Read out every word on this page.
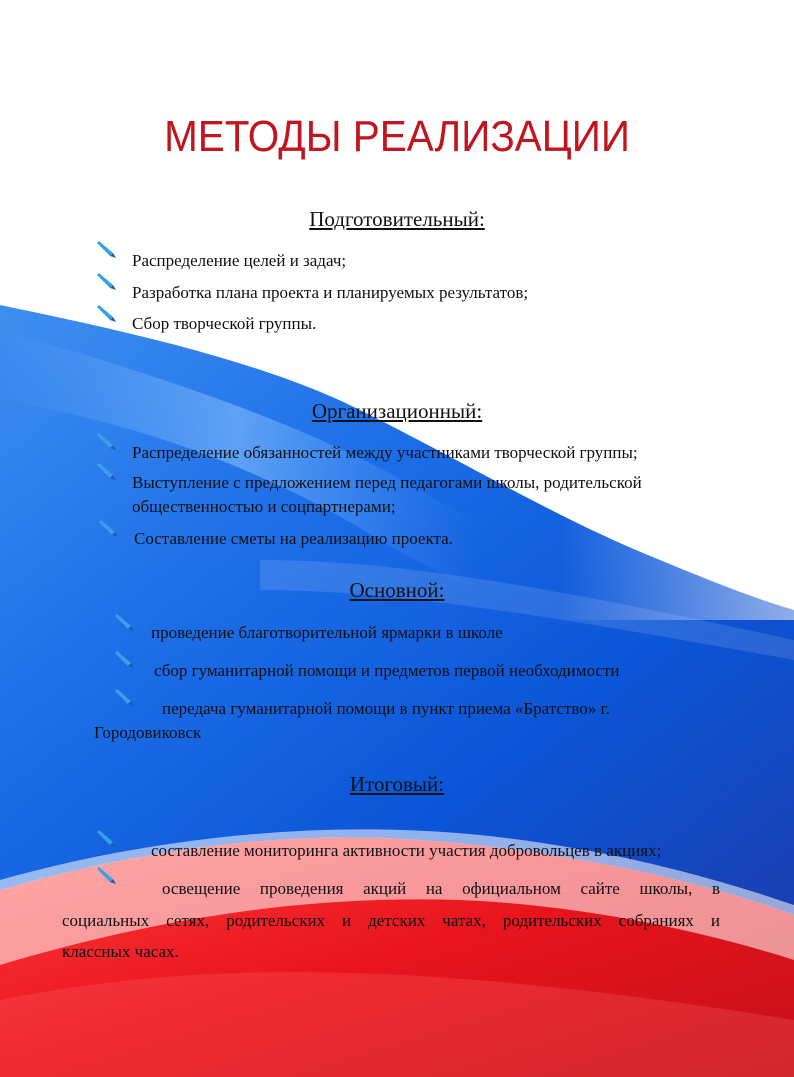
МЕТОДЫ РЕАЛИЗАЦИИ
Подготовительный:
Распределение целей и задач;
Разработка плана проекта и планируемых результатов;
Сбор творческой группы.
Организационный:
Распределение обязанностей между участниками творческой группы;
Выступление с предложением перед педагогами школы, родительской
общественностью и соцпартнерами;
Составление сметы на реализацию проекта.
Основной:
проведение благотворительной ярмарки в школе
сбор гуманитарной помощи и предметов первой необходимости
передача гуманитарной помощи в пункт приема «Братство» г.
Городовиковск
Итоговый:
составление мониторинга активности участия добровольцев в акциях;
освещение проведения акций на официальном сайте школы, в
социальных сетях, родительских и детских чатах, родительских собраниях и
классных часах.
